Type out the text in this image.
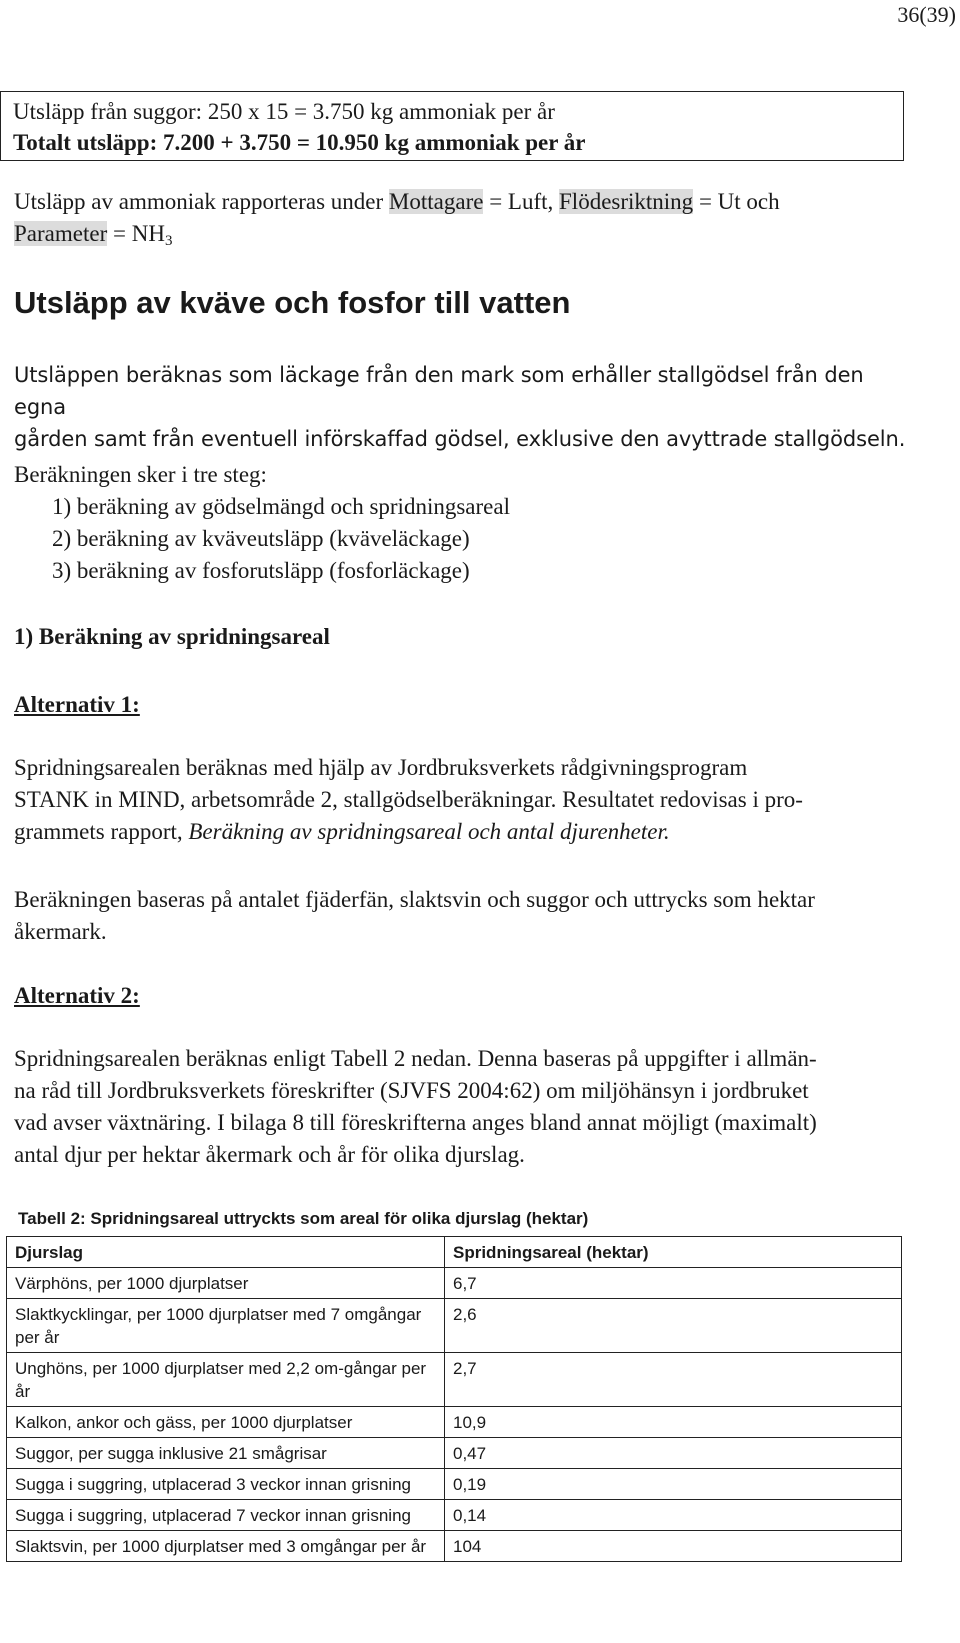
36(39)
Utsläpp från suggor: 250 x 15 = 3.750 kg ammoniak per år
Totalt utsläpp: 7.200 + 3.750 = 10.950 kg ammoniak per år
Utsläpp av ammoniak rapporteras under Mottagare = Luft, Flödesriktning = Ut och
Parameter = $NH_3$
Utsläpp av kväve och fosfor till vatten
Utsläppen beräknas som läckage från den mark som erhåller stallgödsel från den egna
gården samt från eventuell införskaffad gödsel, exklusive den avyttrade stallgödseln.
Beräkningen sker i tre steg:
1) beräkning av gödselmängd och spridningsareal
2) beräkning av kväveutsläpp (kväveläckage)
3) beräkning av fosforutsläpp (fosforläckage)
1) Beräkning av spridningsareal
Alternativ 1:
Spridningsarealen beräknas med hjälp av Jordbruksverkets rådgivningsprogram
STANK in MIND, arbetsområde 2, stallgödselberäkningar. Resultatet redovisas i pro-
grammets rapport, Beräkning av spridningsareal och antal djurenheter.
Beräkningen baseras på antalet fjäderfän, slaktsvin och suggor och uttrycks som hektar
åkermark.
Alternativ 2:
Spridningsarealen beräknas enligt Tabell 2 nedan. Denna baseras på uppgifter i allmän-
na råd till Jordbruksverkets föreskrifter (SJVFS 2004:62) om miljöhänsyn i jordbruket
vad avser växtnäring. I bilaga 8 till föreskrifterna anges bland annat möjligt (maximalt)
antal djur per hektar åkermark och år för olika djurslag.
Tabell 2: Spridningsareal uttryckts som areal för olika djurslag (hektar)
Djurslag	Spridningsareal (hektar)
Värphöns, per 1000 djurplatser	6,7
Slaktkycklingar, per 1000 djurplatser med 7 omgångar per år	2,6
Unghöns, per 1000 djurplatser med 2,2 om-gångar per år	2,7
Kalkon, ankor och gäss, per 1000 djurplatser	10,9
Suggor, per sugga inklusive 21 smågrisar	0,47
Sugga i suggring, utplacerad 3 veckor innan grisning	0,19
Sugga i suggring, utplacerad 7 veckor innan grisning	0,14
Slaktsvin, per 1000 djurplatser med 3 omgångar per år	104
